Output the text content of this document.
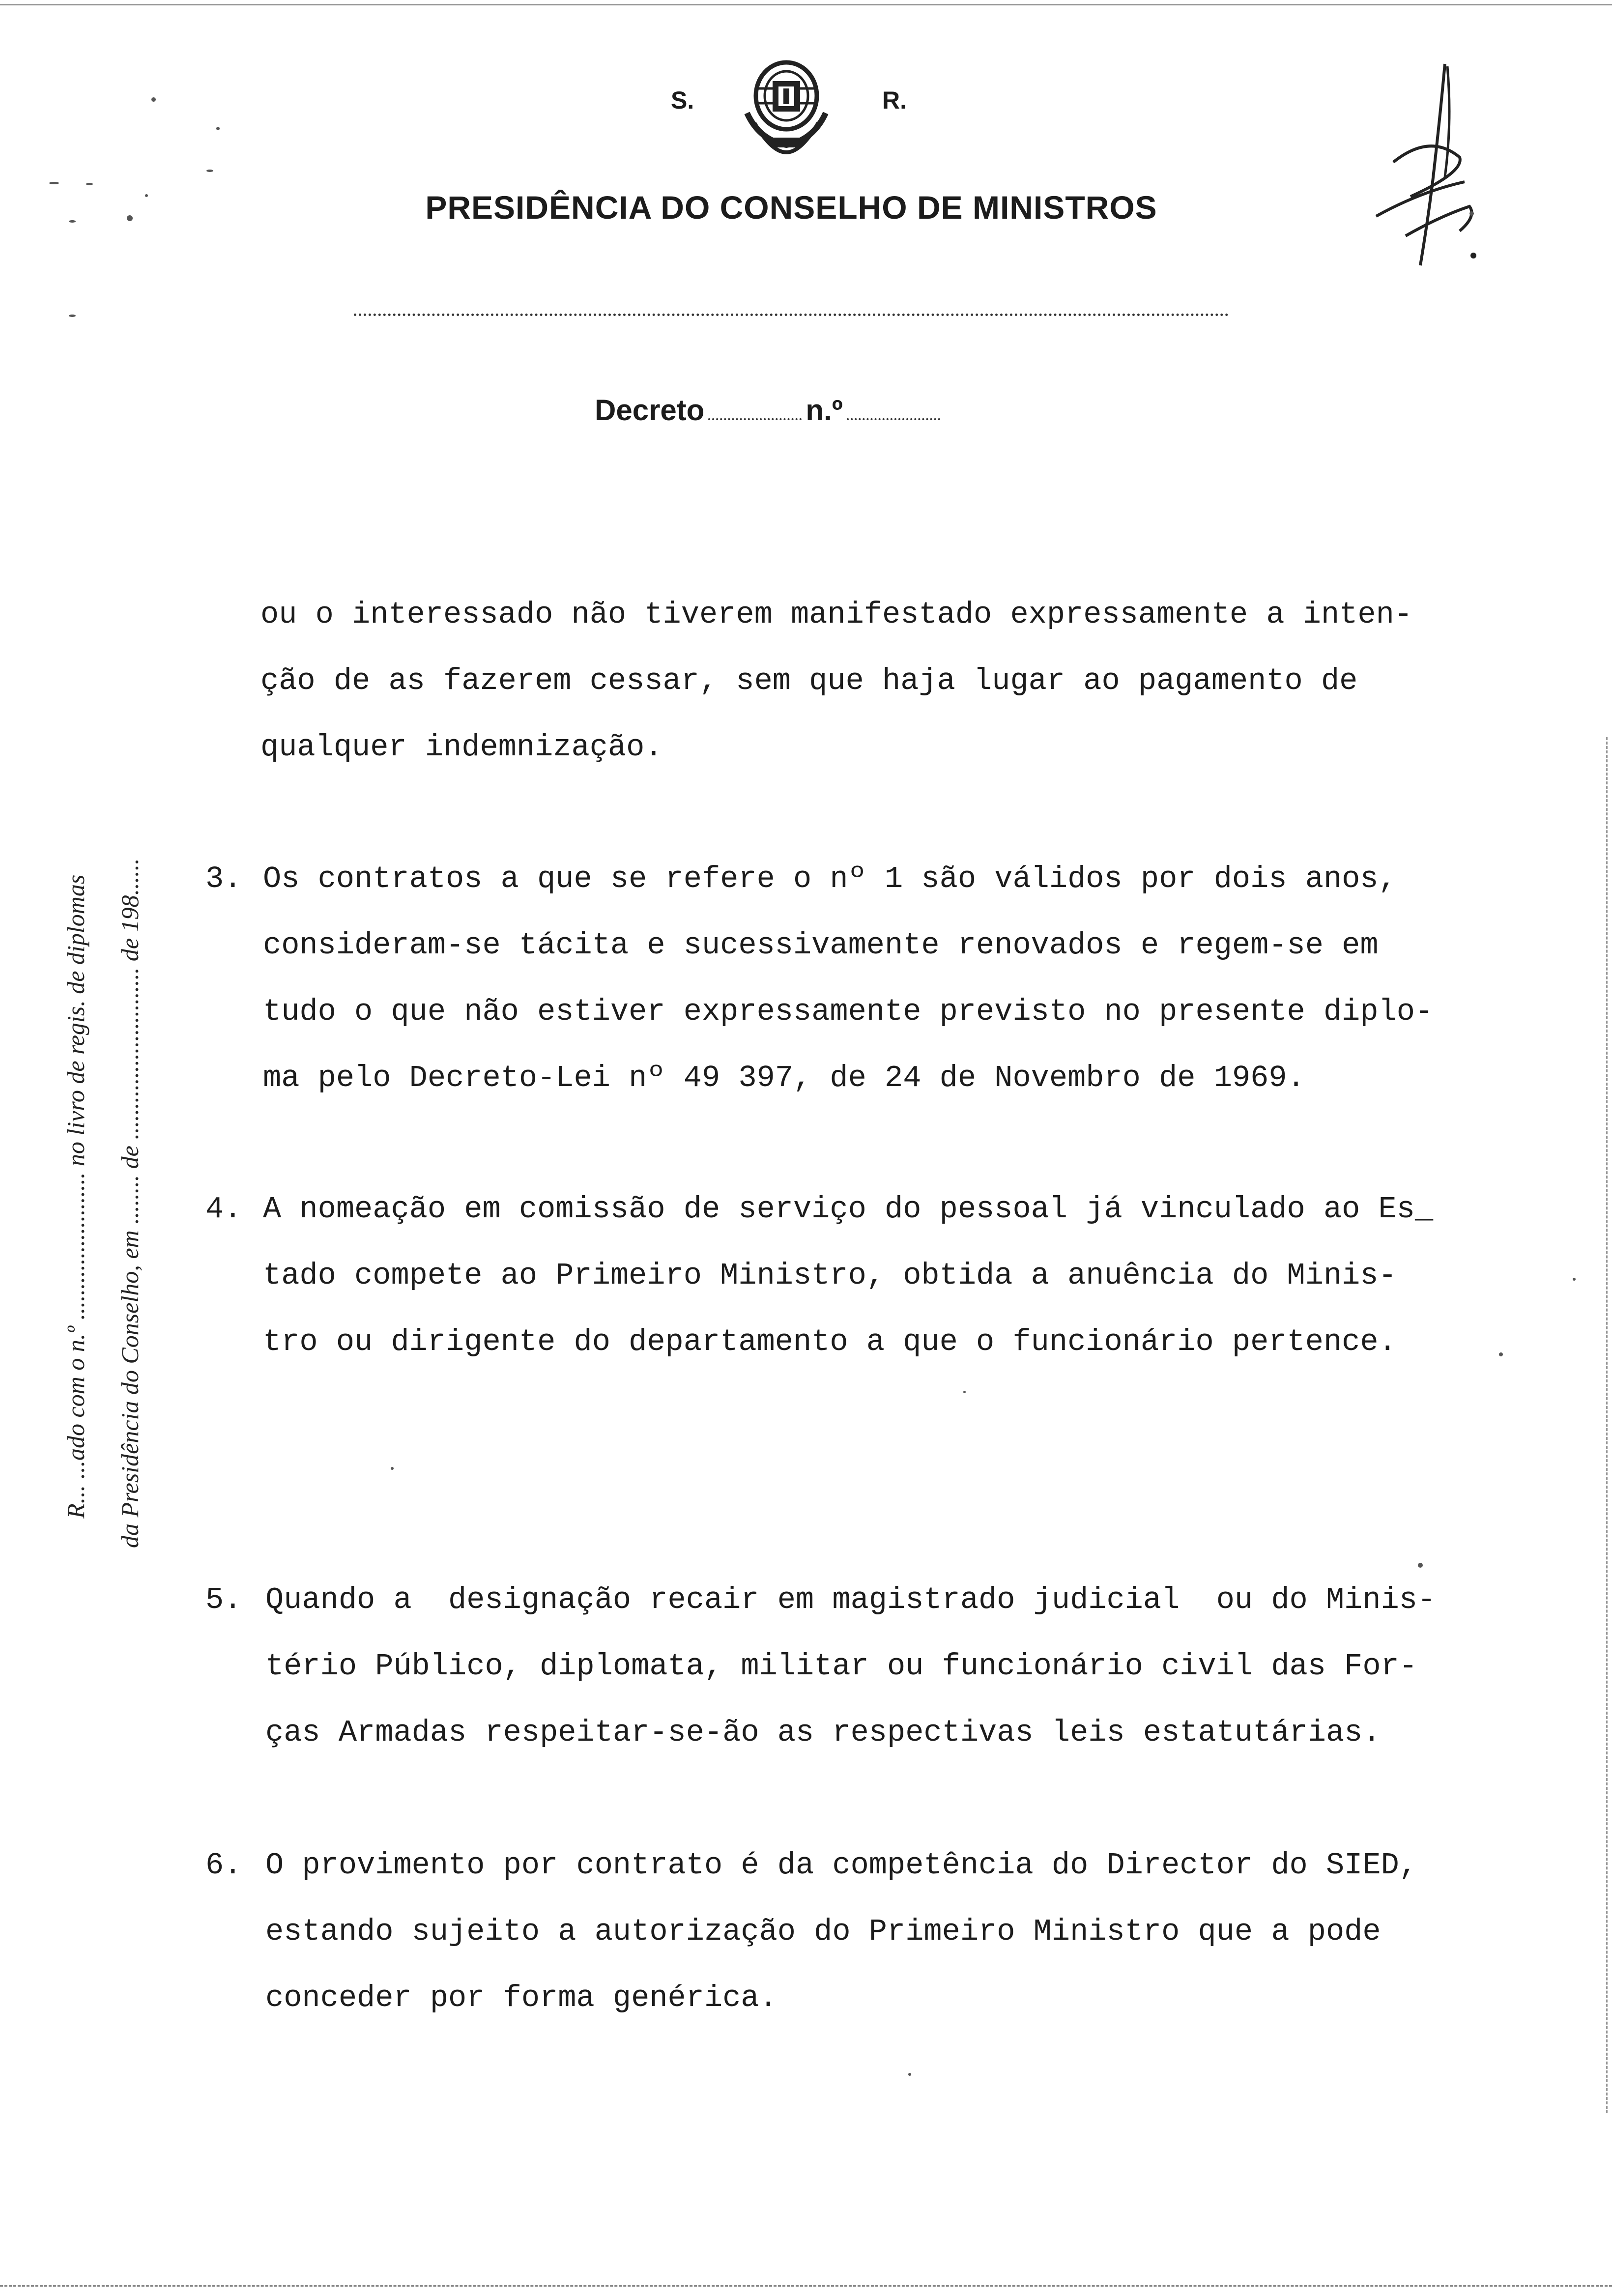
S.	R.
PRESIDÊNCIA DO CONSELHO DE MINISTROS
Decreto	n.º
ou o interessado não tiverem manifestado expressamente a inten-
ção de as fazerem cessar, sem que haja lugar ao pagamento de
qualquer indemnização.
3. Os contratos a que se refere o nº 1 são válidos por dois anos,
consideram-se tácita e sucessivamente renovados e regem-se em
tudo o que não estiver expressamente previsto no presente diplo-
ma pelo Decreto-Lei nº 49 397, de 24 de Novembro de 1969.
4. A nomeação em comissão de serviço do pessoal já vinculado ao Es_
tado compete ao Primeiro Ministro, obtida a anuência do Minis-
tro ou dirigente do departamento a que o funcionário pertence.
5. Quando a  designação recair em magistrado judicial  ou do Minis-
tério Público, diplomata, militar ou funcionário civil das For-
ças Armadas respeitar-se-ão as respectivas leis estatutárias.
6. O provimento por contrato é da competência do Director do SIED,
estando sujeito a autorização do Primeiro Ministro que a pode
conceder por forma genérica.
R... ...ado com o n.º ........................ no livro de regis. de diplomas da Presidência do Conselho, em ........ de ............................ de 198......
